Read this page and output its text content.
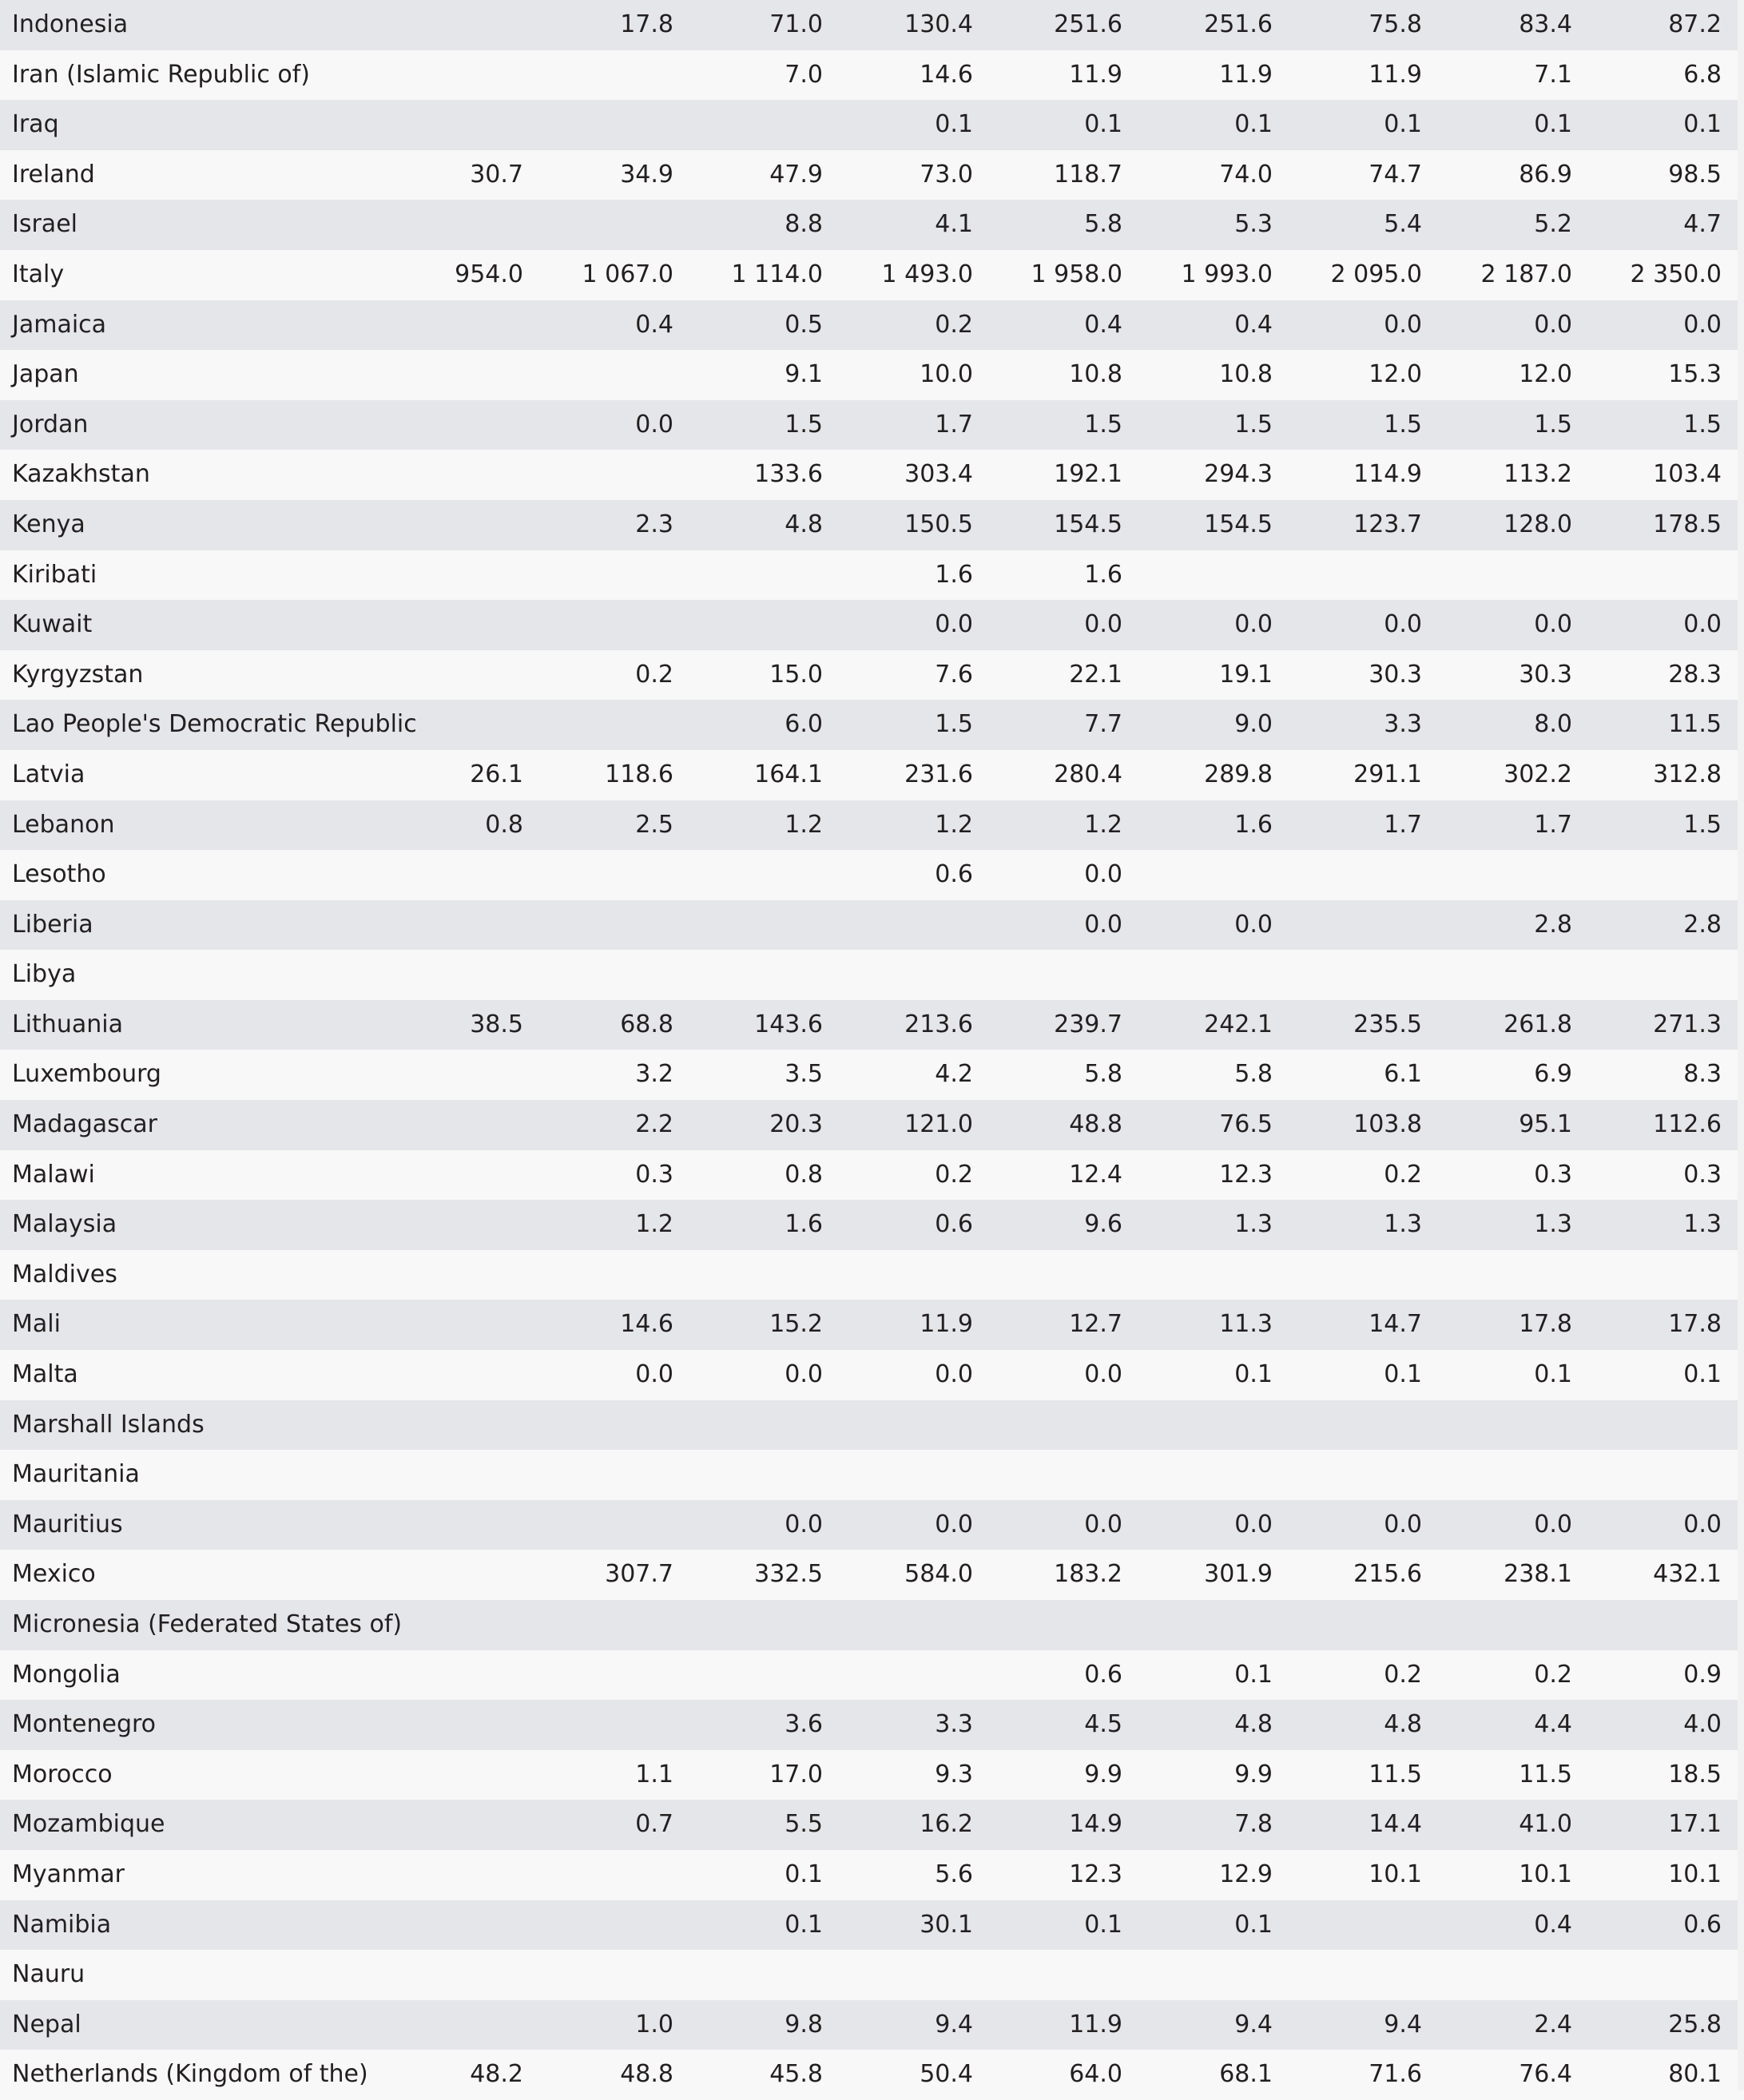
Indonesia		17.8	71.0	130.4	251.6	251.6	75.8	83.4	87.2
Iran (Islamic Republic of)			7.0	14.6	11.9	11.9	11.9	7.1	6.8
Iraq				0.1	0.1	0.1	0.1	0.1	0.1
Ireland	30.7	34.9	47.9	73.0	118.7	74.0	74.7	86.9	98.5
Israel			8.8	4.1	5.8	5.3	5.4	5.2	4.7
Italy	954.0	1 067.0	1 114.0	1 493.0	1 958.0	1 993.0	2 095.0	2 187.0	2 350.0
Jamaica		0.4	0.5	0.2	0.4	0.4	0.0	0.0	0.0
Japan			9.1	10.0	10.8	10.8	12.0	12.0	15.3
Jordan		0.0	1.5	1.7	1.5	1.5	1.5	1.5	1.5
Kazakhstan			133.6	303.4	192.1	294.3	114.9	113.2	103.4
Kenya		2.3	4.8	150.5	154.5	154.5	123.7	128.0	178.5
Kiribati				1.6	1.6				
Kuwait				0.0	0.0	0.0	0.0	0.0	0.0
Kyrgyzstan		0.2	15.0	7.6	22.1	19.1	30.3	30.3	28.3
Lao People's Democratic Republic			6.0	1.5	7.7	9.0	3.3	8.0	11.5
Latvia	26.1	118.6	164.1	231.6	280.4	289.8	291.1	302.2	312.8
Lebanon	0.8	2.5	1.2	1.2	1.2	1.6	1.7	1.7	1.5
Lesotho				0.6	0.0				
Liberia					0.0	0.0		2.8	2.8
Libya									
Lithuania	38.5	68.8	143.6	213.6	239.7	242.1	235.5	261.8	271.3
Luxembourg		3.2	3.5	4.2	5.8	5.8	6.1	6.9	8.3
Madagascar		2.2	20.3	121.0	48.8	76.5	103.8	95.1	112.6
Malawi		0.3	0.8	0.2	12.4	12.3	0.2	0.3	0.3
Malaysia		1.2	1.6	0.6	9.6	1.3	1.3	1.3	1.3
Maldives									
Mali		14.6	15.2	11.9	12.7	11.3	14.7	17.8	17.8
Malta		0.0	0.0	0.0	0.0	0.1	0.1	0.1	0.1
Marshall Islands									
Mauritania									
Mauritius			0.0	0.0	0.0	0.0	0.0	0.0	0.0
Mexico		307.7	332.5	584.0	183.2	301.9	215.6	238.1	432.1
Micronesia (Federated States of)									
Mongolia					0.6	0.1	0.2	0.2	0.9
Montenegro			3.6	3.3	4.5	4.8	4.8	4.4	4.0
Morocco		1.1	17.0	9.3	9.9	9.9	11.5	11.5	18.5
Mozambique		0.7	5.5	16.2	14.9	7.8	14.4	41.0	17.1
Myanmar			0.1	5.6	12.3	12.9	10.1	10.1	10.1
Namibia			0.1	30.1	0.1	0.1		0.4	0.6
Nauru									
Nepal		1.0	9.8	9.4	11.9	9.4	9.4	2.4	25.8
Netherlands (Kingdom of the)	48.2	48.8	45.8	50.4	64.0	68.1	71.6	76.4	80.1
